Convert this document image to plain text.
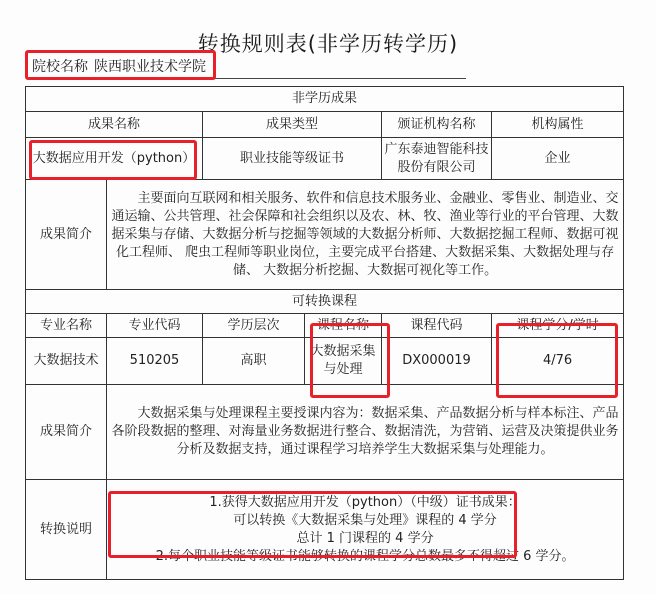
转换规则表(非学历转学历)
院校名称 陕西职业技术学院
非学历成果					
成果名称		成果类型		颁证机构名称	机构属性
大数据应用开发（python）		职业技能等级证书		广东泰迪智能科技股份有限公司	企业
成果简介	主要面向互联网和相关服务、软件和信息技术服务业、金融业、零售业、制造业、交通运输、公共管理、社会保障和社会组织以及农、林、牧、渔业等行业的平台管理、大数据采集与存储、大数据分析与挖掘等领域的大数据分析师、大数据挖掘工程师、数据可视化工程师、 爬虫工程师等职业岗位，主要完成平台搭建、大数据采集、大数据处理与存储、 大数据分析挖掘、大数据可视化等工作。				
可转换课程					
专业名称	专业代码	学历层次	课程名称	课程代码	课程学分/学时
大数据技术	510205	高职	大数据采集与处理	DX000019	4/76
成果简介	大数据采集与处理课程主要授课内容为：数据采集、产品数据分析与样本标注、产品各阶段数据的整理、对海量业务数据进行整合、数据清洗，为营销、运营及决策提供业务分析及数据支持，通过课程学习培养学生大数据采集与处理能力。				
转换说明	1.获得大数据应用开发（python）（中级）证书成果：
可以转换《大数据采集与处理》课程的 4 学分
总计 1 门课程的 4 学分
2.每个职业技能等级证书能够转换的课程学分总数最多不得超过 6 学分。				
